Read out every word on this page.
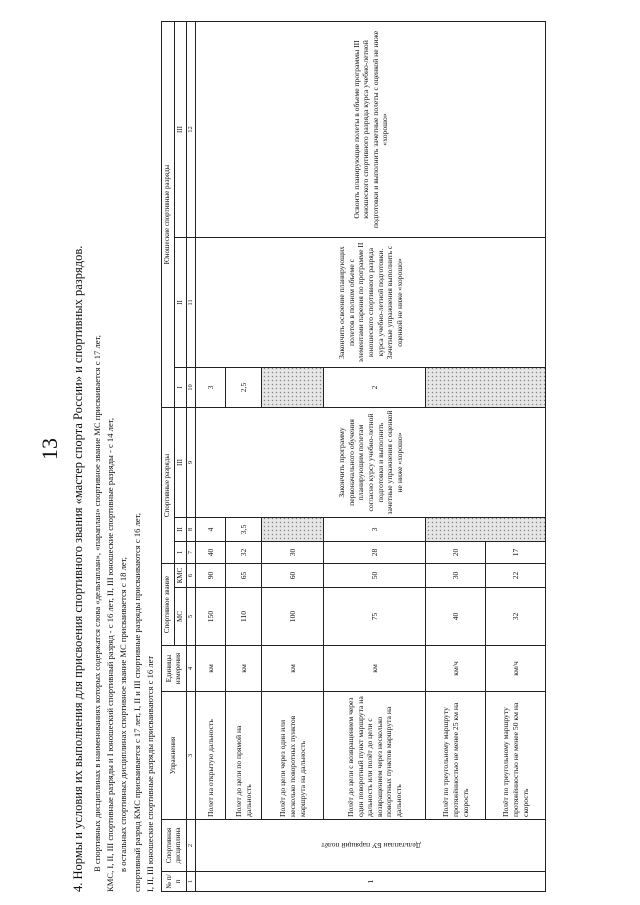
13 4. Нормы и условия их выполнения для присвоения спортивного звания «мастер спорта России» и спортивных разрядов. В спортивных дисциплинах в наименованиях которых содержатся слова «дельтаплан», «параплан» спортивное звание МС присваивается с 17 лет, КМС, I, II, III спортивные разряды и I юношеский спортивный разряд - с 16 лет, II, III юношеские спортивные разряды - с 14 лет, в остальных спортивных дисциплинах спортивное звание МС присваивается с 18 лет, спортивный разряд КМС присваивается с 17 лет, I, II и III спортивные разряды присваиваются с 16 лет, I, II, III юношеские спортивные разряды присваиваются с 16 лет	№ п/п	Спортивная дисциплина	Упражнения	Единицы измерения	Спортивное звание		Спортивные разряды			Юношеские спортивные разряды		
				МС	КМС	I	II	III	I	II	III
1	2	3	4	5	6	7	8	9	10	11	12
1	Дельтаплан БУ парящий полёт	Полет на открытую дальность	км	150	90	40	4	Закончить программу первоначального обучения планирующим полетам согласно курсу учебно-летной подготовки и выполнить зачетные упражнения с оценкой не ниже «хорошо»	3	Закончить освоение планирующих полетов в полном объеме с элементами парения по программе II юношеского спортивного разряда курса учебно-летной подготовки. Зачетные упражнения выполнить с оценкой не ниже «хорошо»	Освоить планирующие полеты в объеме программы III юношеского спортивного разряда курса учебно-летной подготовки и выполнить зачетные полеты с оценкой не ниже «хорошо»
		Полет до цели по прямой на дальность	км	110	65	32	3,5		2,5		
		Полёт до цели через один или несколько поворотных пунктов маршрута на дальность	км	100	60	30					
		Полёт до цели с возвращением через один поворотный пункт маршрута на дальность или полёт до цели с возвращением через несколько поворотных пунктов маршрута на дальность	км	75	50	28	3		2		
		Полёт по треугольному маршруту протяжённостью не менее 25 км на скорость	км/ч	40	30	20					
		Полёт по треугольному маршруту протяжённостью не менее 50 км на скорость	км/ч	32	22	17					
